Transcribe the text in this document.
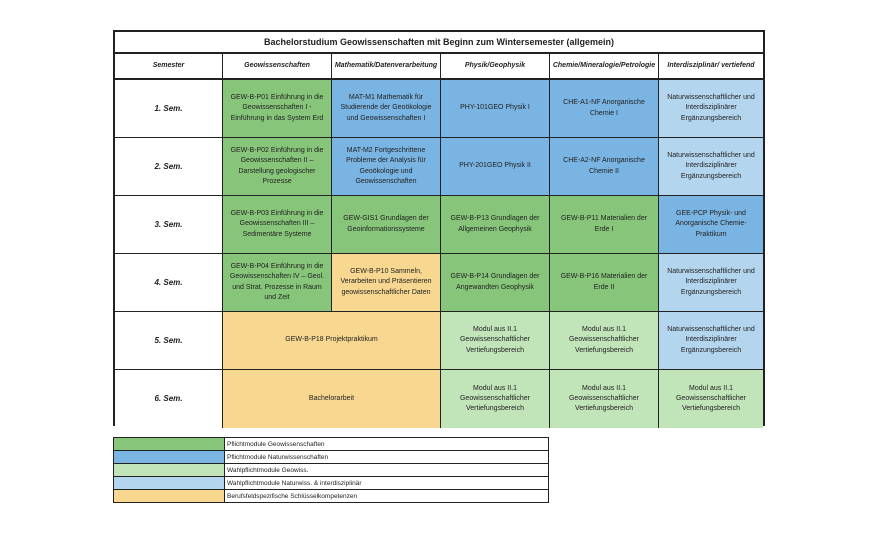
Bachelorstudium Geowissenschaften mit Beginn zum Wintersemester (allgemein)
Semester	Geowissenschaften	Mathematik/ Datenverarbeitung	Physik/Geophysik	Chemie/Mineralogie/ Petrologie	Interdisziplinär/ vertiefend
1. Sem.
GEW-B-P01 Einführung in die Geowissenschaften I - Einführung in das System Erd
MAT-M1 Mathematik für Studierende der Geoökologie und Geowissenschaften I
PHY-101GEO Physik I
CHE-A1-NF Anorganische Chemie I
Naturwissenschaftlicher und Interdisziplinärer Ergänzungsbereich
2. Sem.
GEW-B-P02 Einführung in die Geowissenschaften II – Darstellung geologischer Prozesse
MAT-M2 Fortgeschrittene Probleme der Analysis für Geoökologie und Geowissenschaften
PHY-201GEO Physik II
CHE-A2-NF Anorganische Chemie II
Naturwissenschaftlicher und Interdisziplinärer Ergänzungsbereich
3. Sem.
GEW-B-P03 Einführung in die Geowissenschaften III – Sedimentäre Systeme
GEW-GIS1 Grundlagen der Geoinformationssysteme
GEW-B-P13 Grundlagen der Allgemeinen Geophysik
GEW-B-P11 Materialien der Erde I
GEE-PCP Physik- und Anorganische Chemie-Praktikum
4. Sem.
GEW-B-P04 Einführung in die Geowissenschaften IV – Geol. und Strat. Prozesse in Raum und Zeit
GEW-B-P10 Sammeln, Verarbeiten und Präsentieren geowissenschaftlicher Daten
GEW-B-P14 Grundlagen der Angewandten Geophysik
GEW-B-P16 Materialien der Erde II
Naturwissenschaftlicher und Interdisziplinärer Ergänzungsbereich
5. Sem.	GEW-B-P18 Projektpraktikum
Modul aus II.1 Geowissenschaftlicher Vertiefungsbereich
Modul aus II.1 Geowissenschaftlicher Vertiefungsbereich
Naturwissenschaftlicher und Interdisziplinärer Ergänzungsbereich
6. Sem.	Bachelorarbeit
Modul aus II.1 Geowissenschaftlicher Vertiefungsbereich
Modul aus II.1 Geowissenschaftlicher Vertiefungsbereich
Modul aus II.1 Geowissenschaftlicher Vertiefungsbereich
Pflichtmodule Geowissenschaften
Pflichtmodule Naturwissenschaften
Wahlpflichtmodule Geowiss.
Wahlpflichtmodule Naturwiss. & interdisziplinär
Berufsfeldspezifische Schlüsselkompetenzen
